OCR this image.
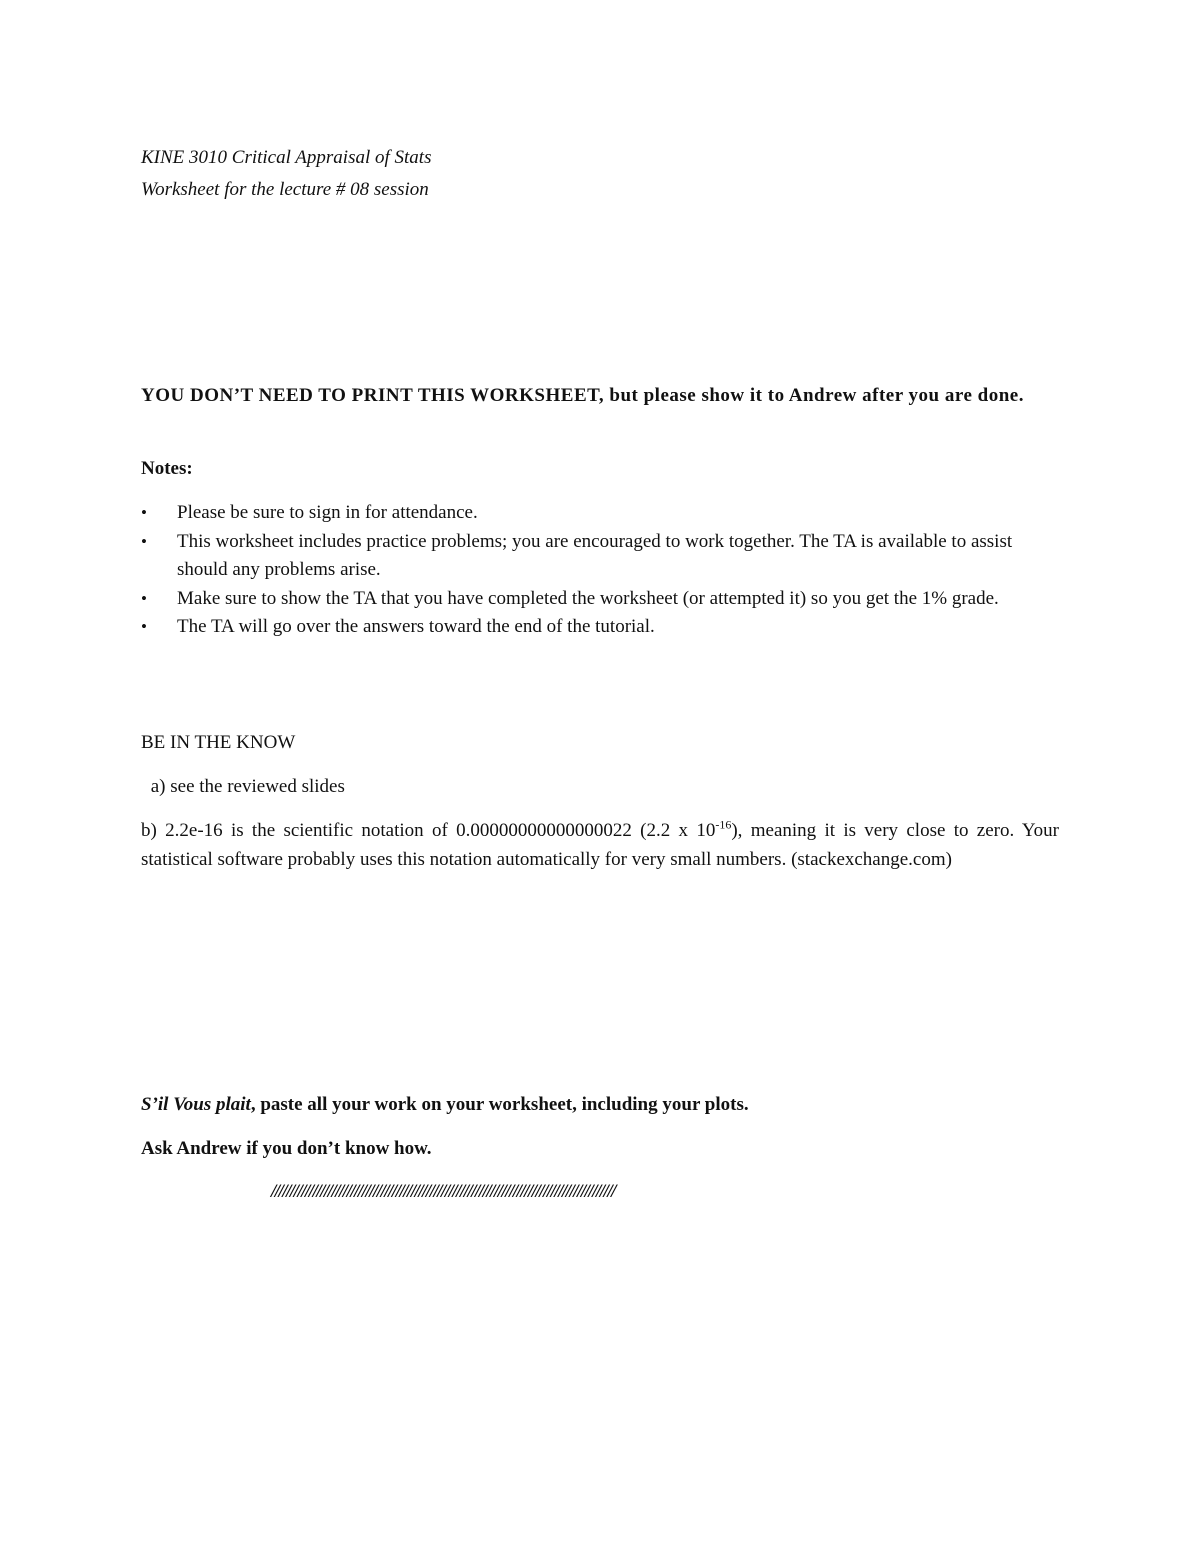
KINE 3010 Critical Appraisal of Stats
Worksheet for the lecture # 08 session
YOU DON’T NEED TO PRINT THIS WORKSHEET, but please show it to Andrew after you are done.
Notes:
• Please be sure to sign in for attendance.
• This worksheet includes practice problems; you are encouraged to work together. The TA is available to assist should any problems arise.
• Make sure to show the TA that you have completed the worksheet (or attempted it) so you get the 1% grade.
• The TA will go over the answers toward the end of the tutorial.
BE IN THE KNOW
a) see the reviewed slides
b) 2.2e-16 is the scientific notation of 0.00000000000000022 (2.2 x $10^{-16}$), meaning it is very close to zero. Your statistical software probably uses this notation automatically for very small numbers. (stackexchange.com)
S’il Vous plait, paste all your work on your worksheet, including your plots.
Ask Andrew if you don’t know how.
///////////////////////////////////////////////////////////////////////////////////////////
